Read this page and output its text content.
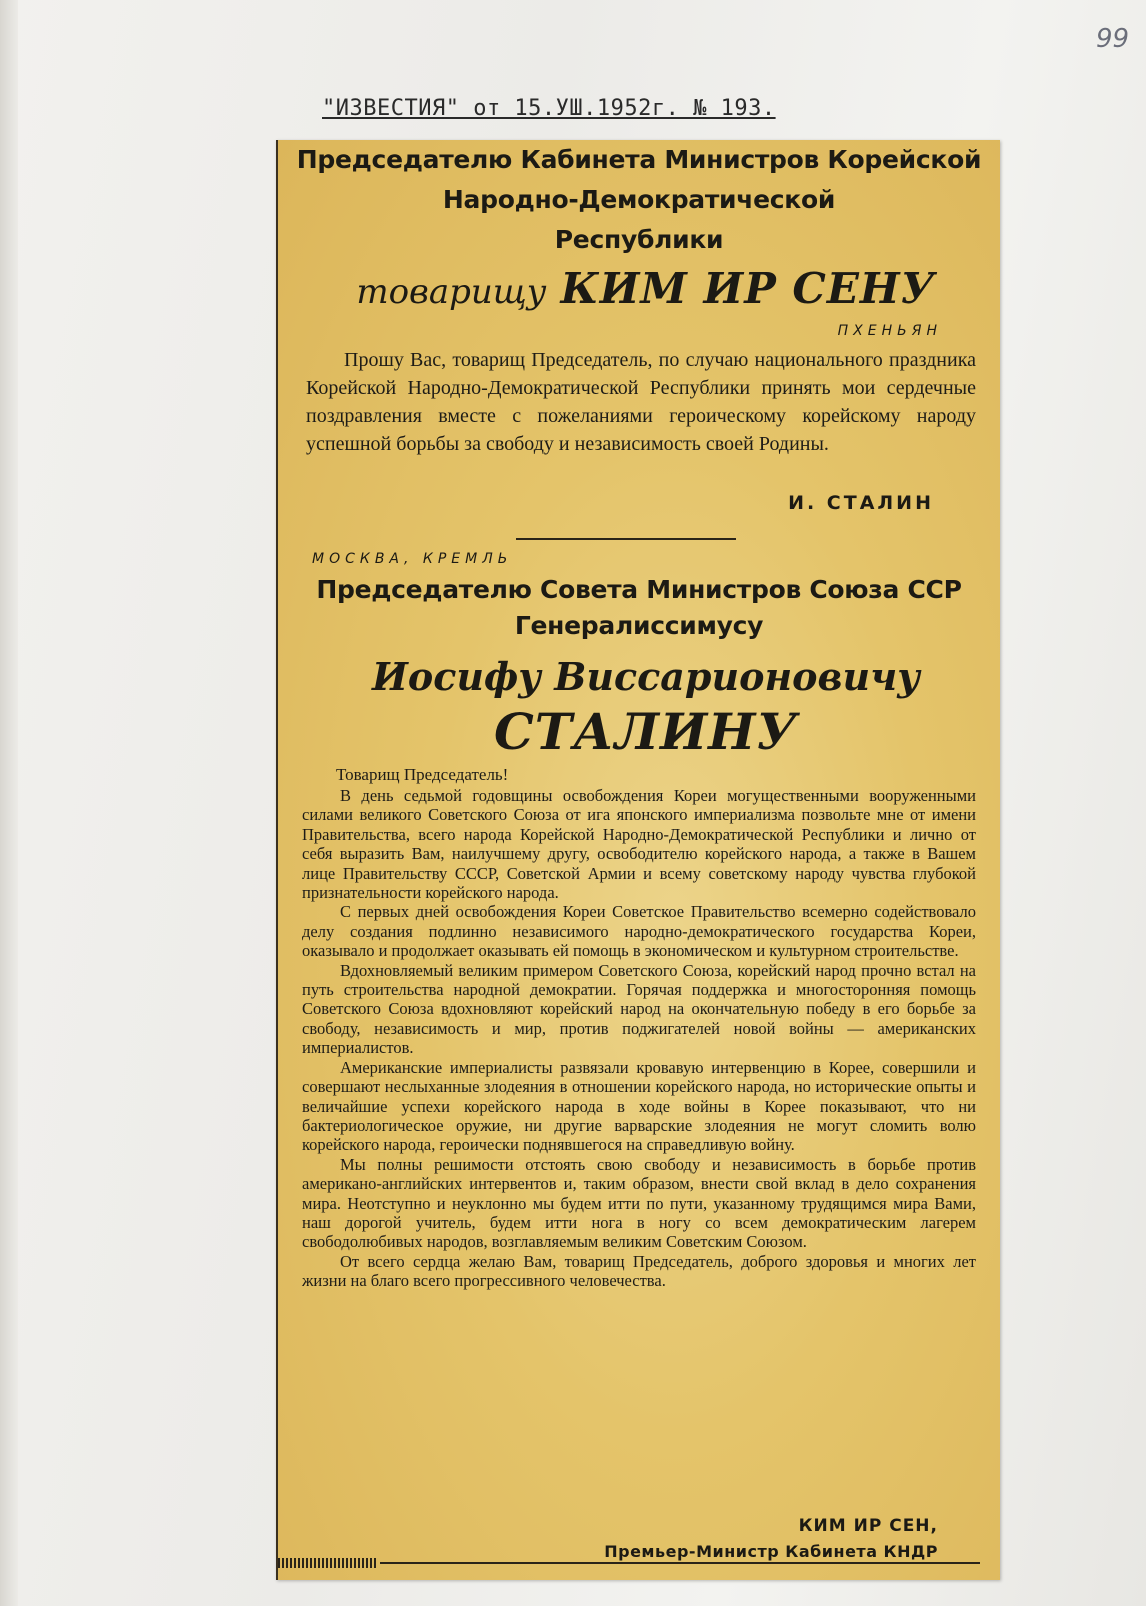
99
"ИЗВЕСТИЯ" от 15.УШ.1952г. № 193.
Председателю Кабинета Министров Корейской
Народно-Демократической
Республики
товарищу КИМ ИР СЕНУ
ПХЕНЬЯН

Прошу Вас, товарищ Председатель, по случаю национального праздника Корейской Народно-Демократической Республики принять мои сердечные поздравления вместе с пожеланиями героическому корейскому народу успешной борьбы за свободу и независимость своей Родины.

И. СТАЛИН
МОСКВА, КРЕМЛЬ
Председателю Совета Министров Союза ССР
Генералиссимусу
Иосифу Виссарионовичу
СТАЛИНУ
Товарищ Председатель!

В день седьмой годовщины освобождения Кореи могущественными вооруженными силами великого Советского Союза от ига японского империализма позвольте мне от имени Правительства, всего народа Корейской Народно-Демократической Республики и лично от себя выразить Вам, наилучшему другу, освободителю корейского народа, а также в Вашем лице Правительству СССР, Советской Армии и всему советскому народу чувства глубокой признательности корейского народа.

С первых дней освобождения Кореи Советское Правительство всемерно содействовало делу создания подлинно независимого народно-демократического государства Кореи, оказывало и продолжает оказывать ей помощь в экономическом и культурном строительстве.

Вдохновляемый великим примером Советского Союза, корейский народ прочно встал на путь строительства народной демократии. Горячая поддержка и многосторонняя помощь Советского Союза вдохновляют корейский народ на окончательную победу в его борьбе за свободу, независимость и мир, против поджигателей новой войны — американских империалистов.

Американские империалисты развязали кровавую интервенцию в Корее, совершили и совершают неслыханные злодеяния в отношении корейского народа, но исторические опыты и величайшие успехи корейского народа в ходе войны в Корее показывают, что ни бактериологическое оружие, ни другие варварские злодеяния не могут сломить волю корейского народа, героически поднявшегося на справедливую войну.

Мы полны решимости отстоять свою свободу и независимость в борьбе против американо-английских интервентов и, таким образом, внести свой вклад в дело сохранения мира. Неотступно и неуклонно мы будем итти по пути, указанному трудящимся мира Вами, наш дорогой учитель, будем итти нога в ногу со всем демократическим лагерем свободолюбивых народов, возглавляемым великим Советским Союзом.

От всего сердца желаю Вам, товарищ Председатель, доброго здоровья и многих лет жизни на благо всего прогрессивного человечества.

КИМ ИР СЕН,
Премьер-Министр Кабинета КНДР
